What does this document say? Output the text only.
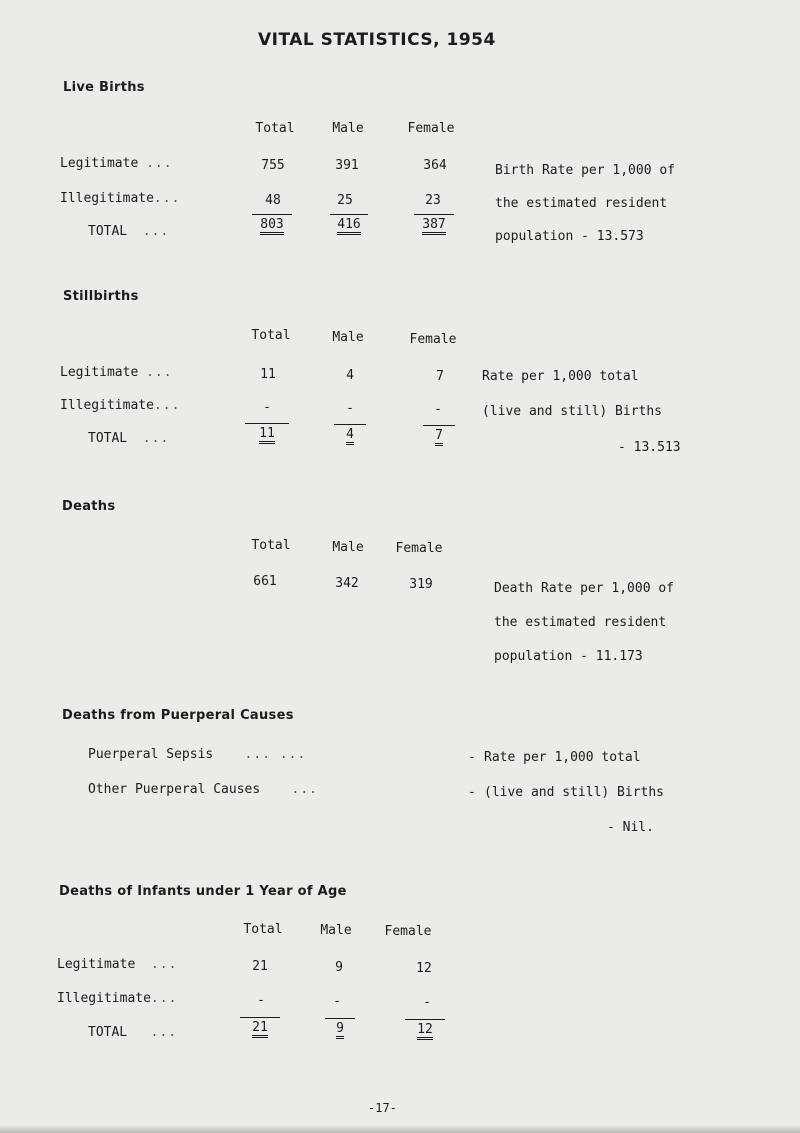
VITAL STATISTICS, 1954
Live Births
Total	Male	Female
Legitimate ...	755	391	364
Illegitimate...	48	25	23
TOTAL ...	803	416	387
Birth Rate per 1,000 of
the estimated resident
population - 13.573
Stillbirths
Total	Male	Female
Legitimate ...	11	4	7
Illegitimate...	-	-	-
TOTAL ...	11	4	7
Rate per 1,000 total
(live and still) Births
- 13.513
Deaths
Total	Male	Female
661	342	319	Death Rate per 1,000 of
the estimated resident
population - 11.173
Deaths from Puerperal Causes
Puerperal Sepsis ... ...	- Rate per 1,000 total
Other Puerperal Causes ...	- (live and still) Births
- Nil.
Deaths of Infants under 1 Year of Age
Total	Male	Female
Legitimate ...	21	9	12
Illegitimate...	-	-	-
TOTAL ...	21	9	12
-17-
